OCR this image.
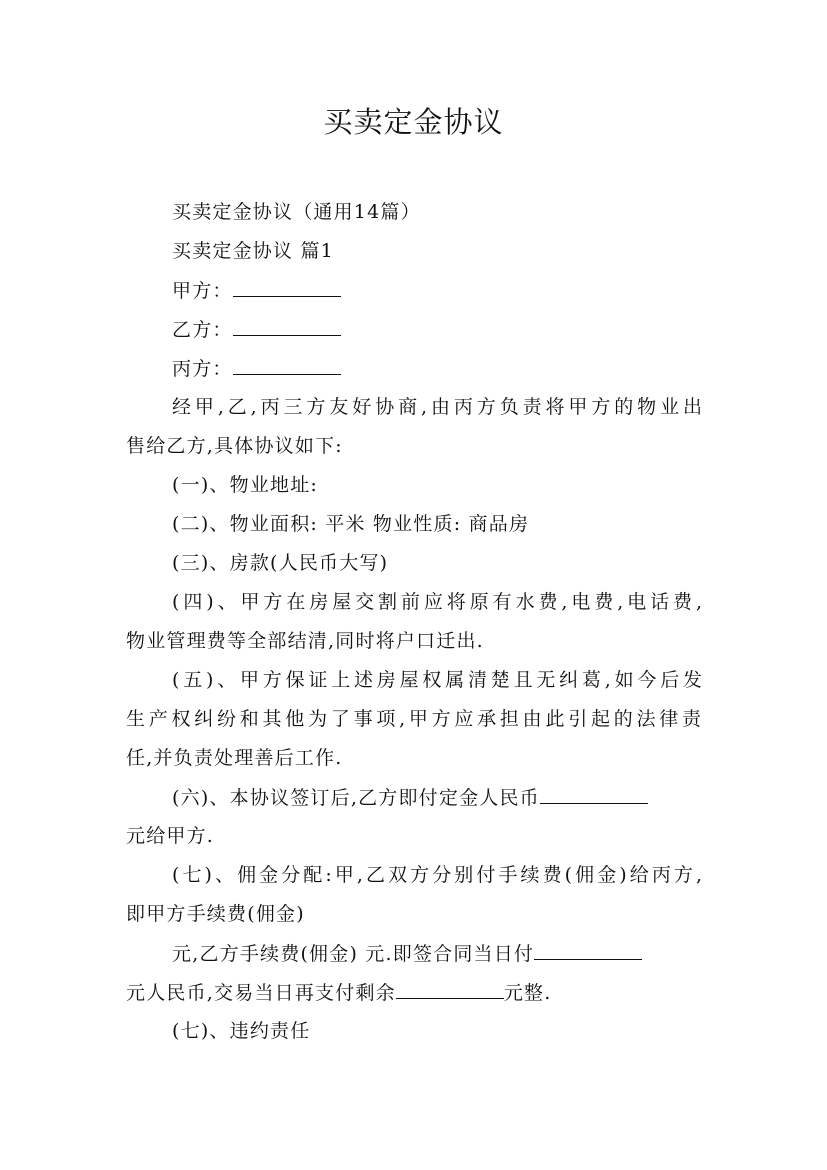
买卖定金协议
买卖定金协议（通用14篇）
买卖定金协议 篇1
甲方：
乙方：
丙方：
经甲,乙,丙三方友好协商,由丙方负责将甲方的物业出
售给乙方,具体协议如下:
(一)、物业地址:
(二)、物业面积: 平米 物业性质: 商品房
(三)、房款(人民币大写)
(四)、甲方在房屋交割前应将原有水费,电费,电话费,
物业管理费等全部结清,同时将户口迁出.
(五)、甲方保证上述房屋权属清楚且无纠葛,如今后发
生产权纠纷和其他为了事项,甲方应承担由此引起的法律责
任,并负责处理善后工作.
(六)、本协议签订后,乙方即付定金人民币
元给甲方.
(七)、佣金分配:甲,乙双方分别付手续费(佣金)给丙方,
即甲方手续费(佣金)
元,乙方手续费(佣金) 元.即签合同当日付
元人民币,交易当日再支付剩余	元整.
(七)、违约责任
